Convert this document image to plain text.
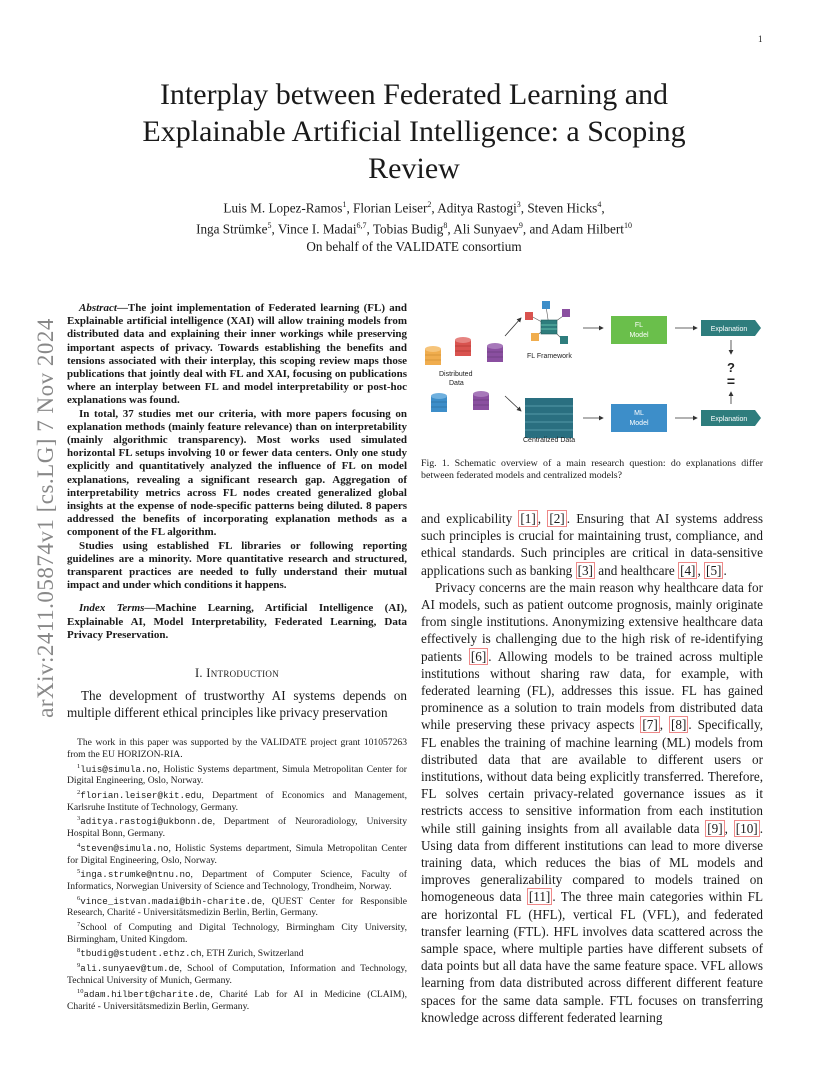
1
arXiv:2411.05874v1 [cs.LG] 7 Nov 2024
Interplay between Federated Learning and Explainable Artificial Intelligence: a Scoping Review
Luis M. Lopez-Ramos$^1$, Florian Leiser$^2$, Aditya Rastogi$^3$, Steven Hicks$^4$,
Inga Strümke$^5$, Vince I. Madai$^{6,7}$, Tobias Budig$^8$, Ali Sunyaev$^9$, and Adam Hilbert$^{10}$
On behalf of the VALIDATE consortium

Abstract—The joint implementation of Federated learning (FL) and Explainable artificial intelligence (XAI) will allow training models from distributed data and explaining their inner workings while preserving important aspects of privacy. Towards establishing the benefits and tensions associated with their interplay, this scoping review maps those publications that jointly deal with FL and XAI, focusing on publications where an interplay between FL and model interpretability or post-hoc explanations was found.

In total, 37 studies met our criteria, with more papers focusing on explanation methods (mainly feature relevance) than on interpretability (mainly algorithmic transparency). Most works used simulated horizontal FL setups involving 10 or fewer data centers. Only one study explicitly and quantitatively analyzed the influence of FL on model explanations, revealing a significant research gap. Aggregation of interpretability metrics across FL nodes created generalized global insights at the expense of node-specific patterns being diluted. 8 papers addressed the benefits of incorporating explanation methods as a component of the FL algorithm.

Studies using established FL libraries or following reporting guidelines are a minority. More quantitative research and structured, transparent practices are needed to fully understand their mutual impact and under which conditions it happens.

Index Terms—Machine Learning, Artificial Intelligence (AI), Explainable AI, Model Interpretability, Federated Learning, Data Privacy Preservation.

I. Introduction

The development of trustworthy AI systems depends on multiple different ethical principles like privacy preservation

The work in this paper was supported by the VALIDATE project grant 101057263 from the EU HORIZON-RIA.

$^1$luis@simula.no, Holistic Systems department, Simula Metropolitan Center for Digital Engineering, Oslo, Norway.

$^2$florian.leiser@kit.edu, Department of Economics and Management, Karlsruhe Institute of Technology, Germany.

$^3$aditya.rastogi@ukbonn.de, Department of Neuroradiology, University Hospital Bonn, Germany.

$^4$steven@simula.no, Holistic Systems department, Simula Metropolitan Center for Digital Engineering, Oslo, Norway.

$^5$inga.strumke@ntnu.no, Department of Computer Science, Faculty of Informatics, Norwegian University of Science and Technology, Trondheim, Norway.

$^6$vince_istvan.madai@bih-charite.de, QUEST Center for Responsible Research, Charité - Universitätsmedizin Berlin, Berlin, Germany.

$^7$School of Computing and Digital Technology, Birmingham City University, Birmingham, United Kingdom.

$^8$tbudig@student.ethz.ch, ETH Zurich, Switzerland

$^9$ali.sunyaev@tum.de, School of Computation, Information and Technology, Technical University of Munich, Germany.

$^{10}$adam.hilbert@charite.de, Charité Lab for AI in Medicine (CLAIM), Charité - Universitätsmedizin Berlin, Germany.

Distributed
Data
FL Framework
Centralized Data
FL
Model
ML
Model
Explanation
Explanation
?
=

Fig. 1. Schematic overview of a main research question: do explanations differ between federated models and centralized models?

and explicability [1] , [2] . Ensuring that AI systems address such principles is crucial for maintaining trust, compliance, and ethical standards. Such principles are critical in data-sensitive applications such as banking [3] and healthcare [4] , [5] .

Privacy concerns are the main reason why healthcare data for AI models, such as patient outcome prognosis, mainly originate from single institutions. Anonymizing extensive healthcare data effectively is challenging due to the high risk of re-identifying patients [6] . Allowing models to be trained across multiple institutions without sharing raw data, for example, with federated learning (FL), addresses this issue. FL has gained prominence as a solution to train models from distributed data while preserving these privacy aspects [7] , [8] . Specifically, FL enables the training of machine learning (ML) models from distributed data that are available to different users or institutions, without data being explicitly transferred. Therefore, FL solves certain privacy-related governance issues as it restricts access to sensitive information from each institution while still gaining insights from all available data [9] , [10] . Using data from different institutions can lead to more diverse training data, which reduces the bias of ML models and improves generalizability compared to models trained on homogeneous data [11] . The three main categories within FL are horizontal FL (HFL), vertical FL (VFL), and federated transfer learning (FTL). HFL involves data scattered across the sample space, where multiple parties have different subsets of data points but all data have the same feature space. VFL allows learning from data distributed across different different feature spaces for the same data sample. FTL focuses on transferring knowledge across different federated learning
